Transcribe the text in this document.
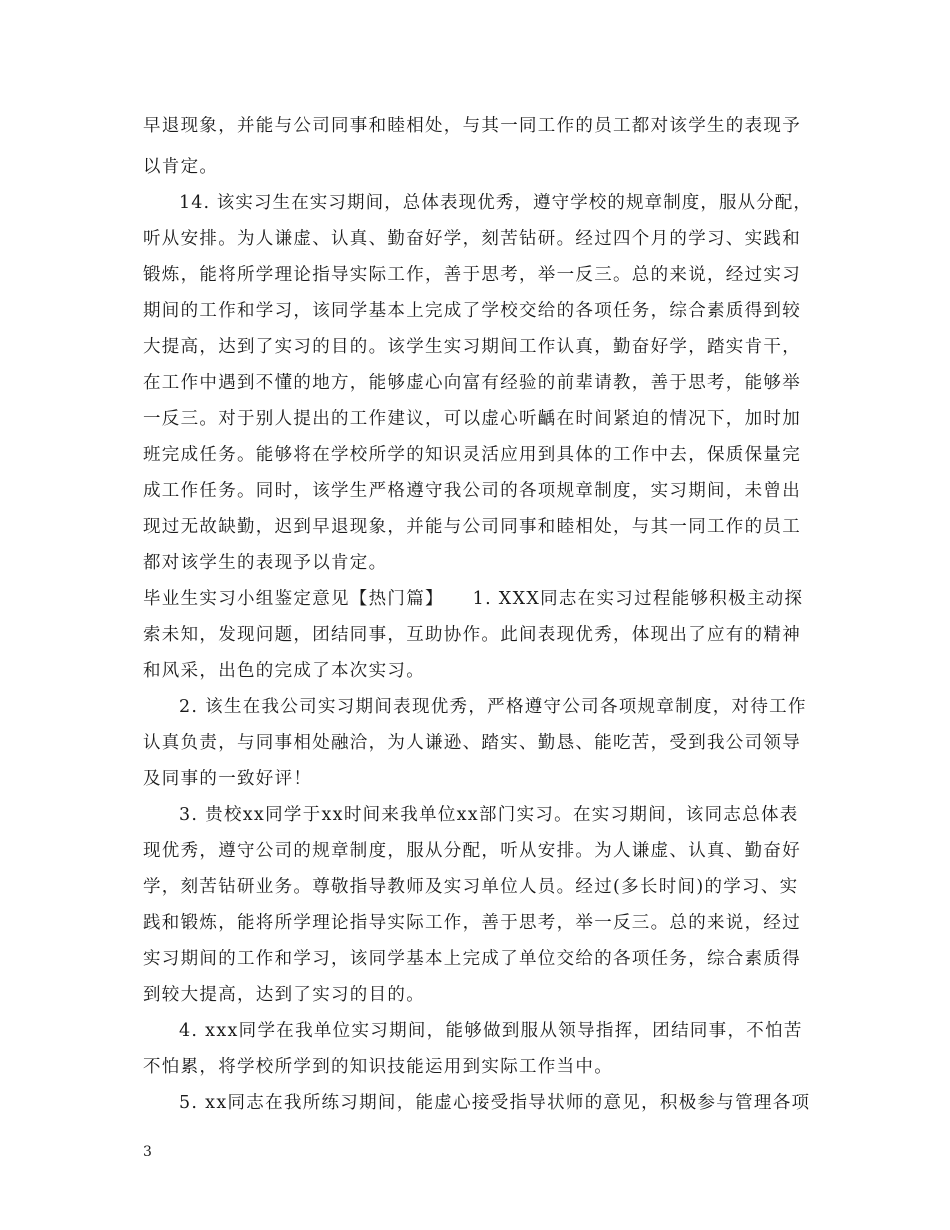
早退现象，并能与公司同事和睦相处，与其一同工作的员工都对该学生的表现予
以肯定。
14. 该实习生在实习期间，总体表现优秀，遵守学校的规章制度，服从分配，
听从安排。为人谦虚、认真、勤奋好学，刻苦钻研。经过四个月的学习、实践和
锻炼，能将所学理论指导实际工作，善于思考，举一反三。总的来说，经过实习
期间的工作和学习，该同学基本上完成了学校交给的各项任务，综合素质得到较
大提高，达到了实习的目的。该学生实习期间工作认真，勤奋好学，踏实肯干，
在工作中遇到不懂的地方，能够虚心向富有经验的前辈请教，善于思考，能够举
一反三。对于别人提出的工作建议，可以虚心听齲在时间紧迫的情况下，加时加
班完成任务。能够将在学校所学的知识灵活应用到具体的工作中去，保质保量完
成工作任务。同时，该学生严格遵守我公司的各项规章制度，实习期间，未曾出
现过无故缺勤，迟到早退现象，并能与公司同事和睦相处，与其一同工作的员工
都对该学生的表现予以肯定。
毕业生实习小组鉴定意见【热门篇】　　1. XXX同志在实习过程能够积极主动探
索未知，发现问题，团结同事，互助协作。此间表现优秀，体现出了应有的精神
和风采，出色的完成了本次实习。
2. 该生在我公司实习期间表现优秀，严格遵守公司各项规章制度，对待工作
认真负责，与同事相处融洽，为人谦逊、踏实、勤恳、能吃苦，受到我公司领导
及同事的一致好评！
3. 贵校xx同学于xx时间来我单位xx部门实习。在实习期间，该同志总体表
现优秀，遵守公司的规章制度，服从分配，听从安排。为人谦虚、认真、勤奋好
学，刻苦钻研业务。尊敬指导教师及实习单位人员。经过(多长时间)的学习、实
践和锻炼，能将所学理论指导实际工作，善于思考，举一反三。总的来说，经过
实习期间的工作和学习，该同学基本上完成了单位交给的各项任务，综合素质得
到较大提高，达到了实习的目的。
4. xxx同学在我单位实习期间，能够做到服从领导指挥，团结同事，不怕苦
不怕累，将学校所学到的知识技能运用到实际工作当中。
5. xx同志在我所练习期间，能虚心接受指导状师的意见，积极参与管理各项
3
